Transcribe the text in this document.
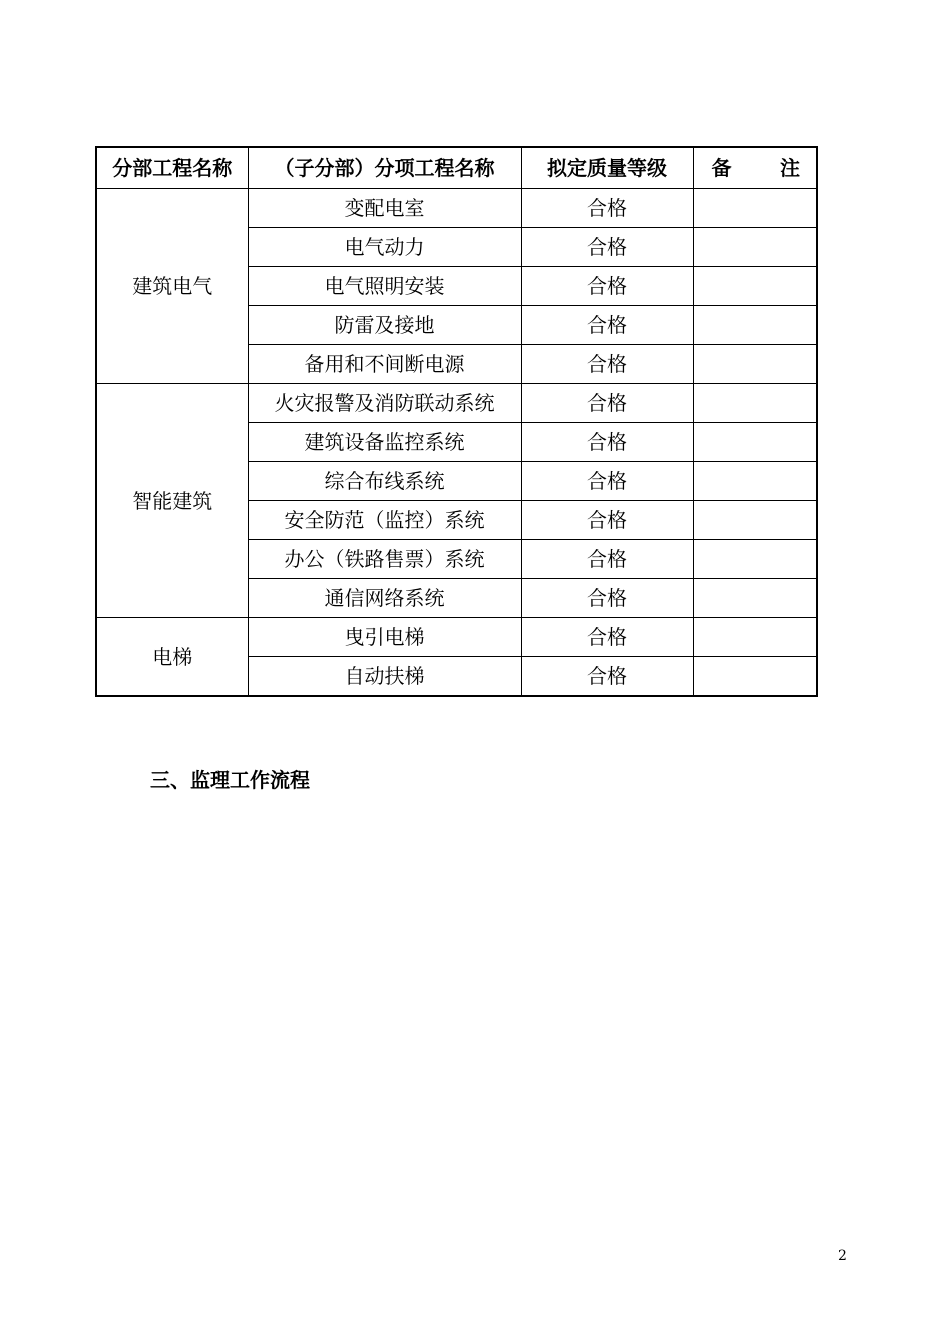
分部工程名称	（子分部）分项工程名称	拟定质量等级	备 注

建筑电气	变配电室	合格	
	电气动力	合格	
	电气照明安装	合格	
	防雷及接地	合格	
	备用和不间断电源	合格	
智能建筑	火灾报警及消防联动系统	合格	
	建筑设备监控系统	合格	
	综合布线系统	合格	
	安全防范（监控）系统	合格	
	办公（铁路售票）系统	合格	
	通信网络系统	合格	
电梯	曳引电梯	合格	
	自动扶梯	合格	
三、监理工作流程
2
